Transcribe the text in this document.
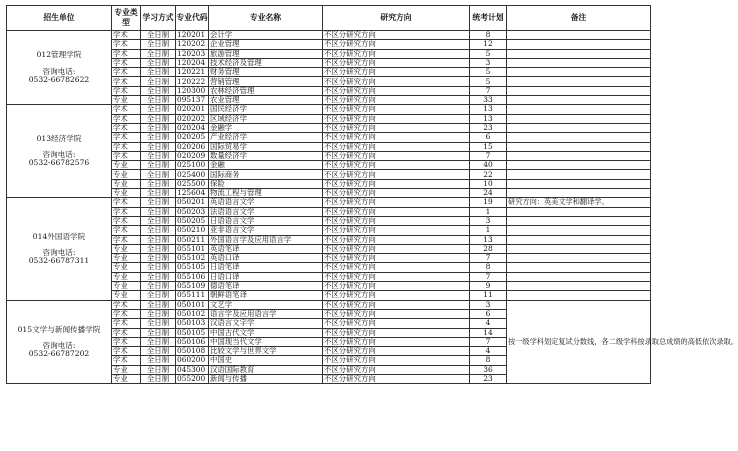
招生单位	专业类型	学习方式	专业代码	专业名称	研究方向	统考计划	备注

012管理学院
咨询电话:
0532-66782622	学术	全日制	120201	会计学	不区分研究方向	8	
	学术	全日制	120202	企业管理	不区分研究方向	12	
	学术	全日制	120203	旅游管理	不区分研究方向	5	
	学术	全日制	120204	技术经济及管理	不区分研究方向	3	
	学术	全日制	120221	财务管理	不区分研究方向	5	
	学术	全日制	120222	营销管理	不区分研究方向	5	
	学术	全日制	120300	农林经济管理	不区分研究方向	7	
	专业	全日制	095137	农业管理	不区分研究方向	33	

013经济学院
咨询电话:
0532-66782576	学术	全日制	020201	国民经济学	不区分研究方向	13	
	学术	全日制	020202	区域经济学	不区分研究方向	13	
	学术	全日制	020204	金融学	不区分研究方向	23	
	学术	全日制	020205	产业经济学	不区分研究方向	6	
	学术	全日制	020206	国际贸易学	不区分研究方向	15	
	学术	全日制	020209	数量经济学	不区分研究方向	7	
	专业	全日制	025100	金融	不区分研究方向	40	
	专业	全日制	025400	国际商务	不区分研究方向	22	
	专业	全日制	025500	保险	不区分研究方向	10	
	专业	全日制	125604	物流工程与管理	不区分研究方向	24	

014外国语学院
咨询电话:
0532-66787311	学术	全日制	050201	英语语言文学	不区分研究方向	19	研究方向：英美文学和翻译学。
	学术	全日制	050203	法语语言文学	不区分研究方向	1	
	学术	全日制	050205	日语语言文学	不区分研究方向	3	
	学术	全日制	050210	亚非语言文学	不区分研究方向	1	
	学术	全日制	050211	外国语言学及应用语言学	不区分研究方向	13	
	专业	全日制	055101	英语笔译	不区分研究方向	28	
	专业	全日制	055102	英语口译	不区分研究方向	7	
	专业	全日制	055105	日语笔译	不区分研究方向	8	
	专业	全日制	055106	日语口译	不区分研究方向	7	
	专业	全日制	055109	德语笔译	不区分研究方向	9	
	专业	全日制	055111	朝鲜语笔译	不区分研究方向	11	

015文学与新闻传播学院
咨询电话:
0532-66787202	学术	全日制	050101	文艺学	不区分研究方向	3	按一级学科划定复试分数线，各二级学科按录取总成绩的高低依次录取。
	学术	全日制	050102	语言学及应用语言学	不区分研究方向	6	
	学术	全日制	050103	汉语言文字学	不区分研究方向	4	
	学术	全日制	050105	中国古代文学	不区分研究方向	14	
	学术	全日制	050106	中国现当代文学	不区分研究方向	7	
	学术	全日制	050108	比较文学与世界文学	不区分研究方向	4	
	学术	全日制	060200	中国史	不区分研究方向	8	
	专业	全日制	045300	汉语国际教育	不区分研究方向	36	
	专业	全日制	055200	新闻与传播	不区分研究方向	23	
